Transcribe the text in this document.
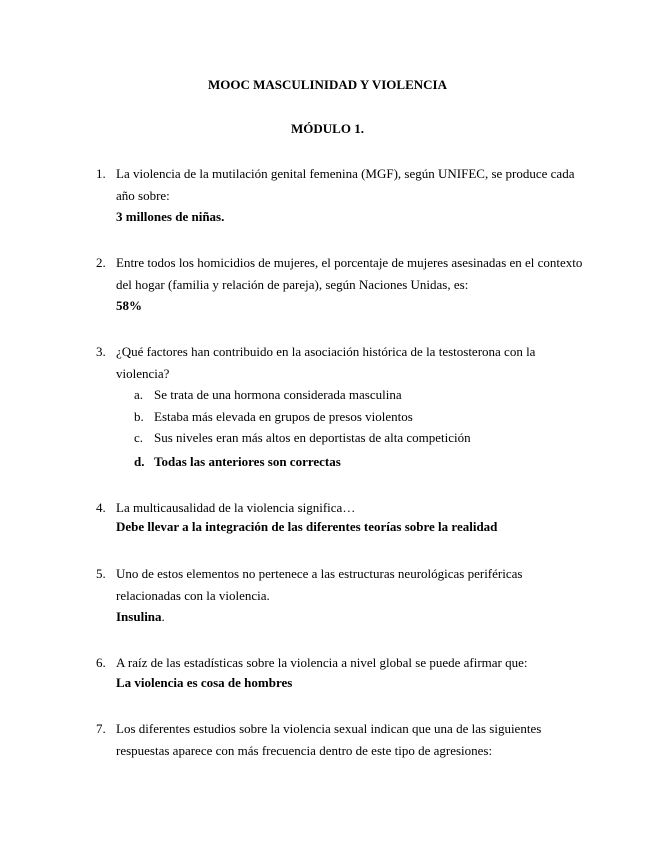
MOOC MASCULINIDAD Y VIOLENCIA
MÓDULO 1.
1. La violencia de la mutilación genital femenina (MGF), según UNIFEC, se produce cada
año sobre:
3 millones de niñas.
2. Entre todos los homicidios de mujeres, el porcentaje de mujeres asesinadas en el contexto
del hogar (familia y relación de pareja), según Naciones Unidas, es:
58%
3. ¿Qué factores han contribuido en la asociación histórica de la testosterona con la
violencia?
a. Se trata de una hormona considerada masculina
b. Estaba más elevada en grupos de presos violentos
c. Sus niveles eran más altos en deportistas de alta competición
d. Todas las anteriores son correctas
4. La multicausalidad de la violencia significa…
Debe llevar a la integración de las diferentes teorías sobre la realidad
5. Uno de estos elementos no pertenece a las estructuras neurológicas periféricas
relacionadas con la violencia.
Insulina.
6. A raíz de las estadísticas sobre la violencia a nivel global se puede afirmar que:
La violencia es cosa de hombres
7. Los diferentes estudios sobre la violencia sexual indican que una de las siguientes
respuestas aparece con más frecuencia dentro de este tipo de agresiones:
